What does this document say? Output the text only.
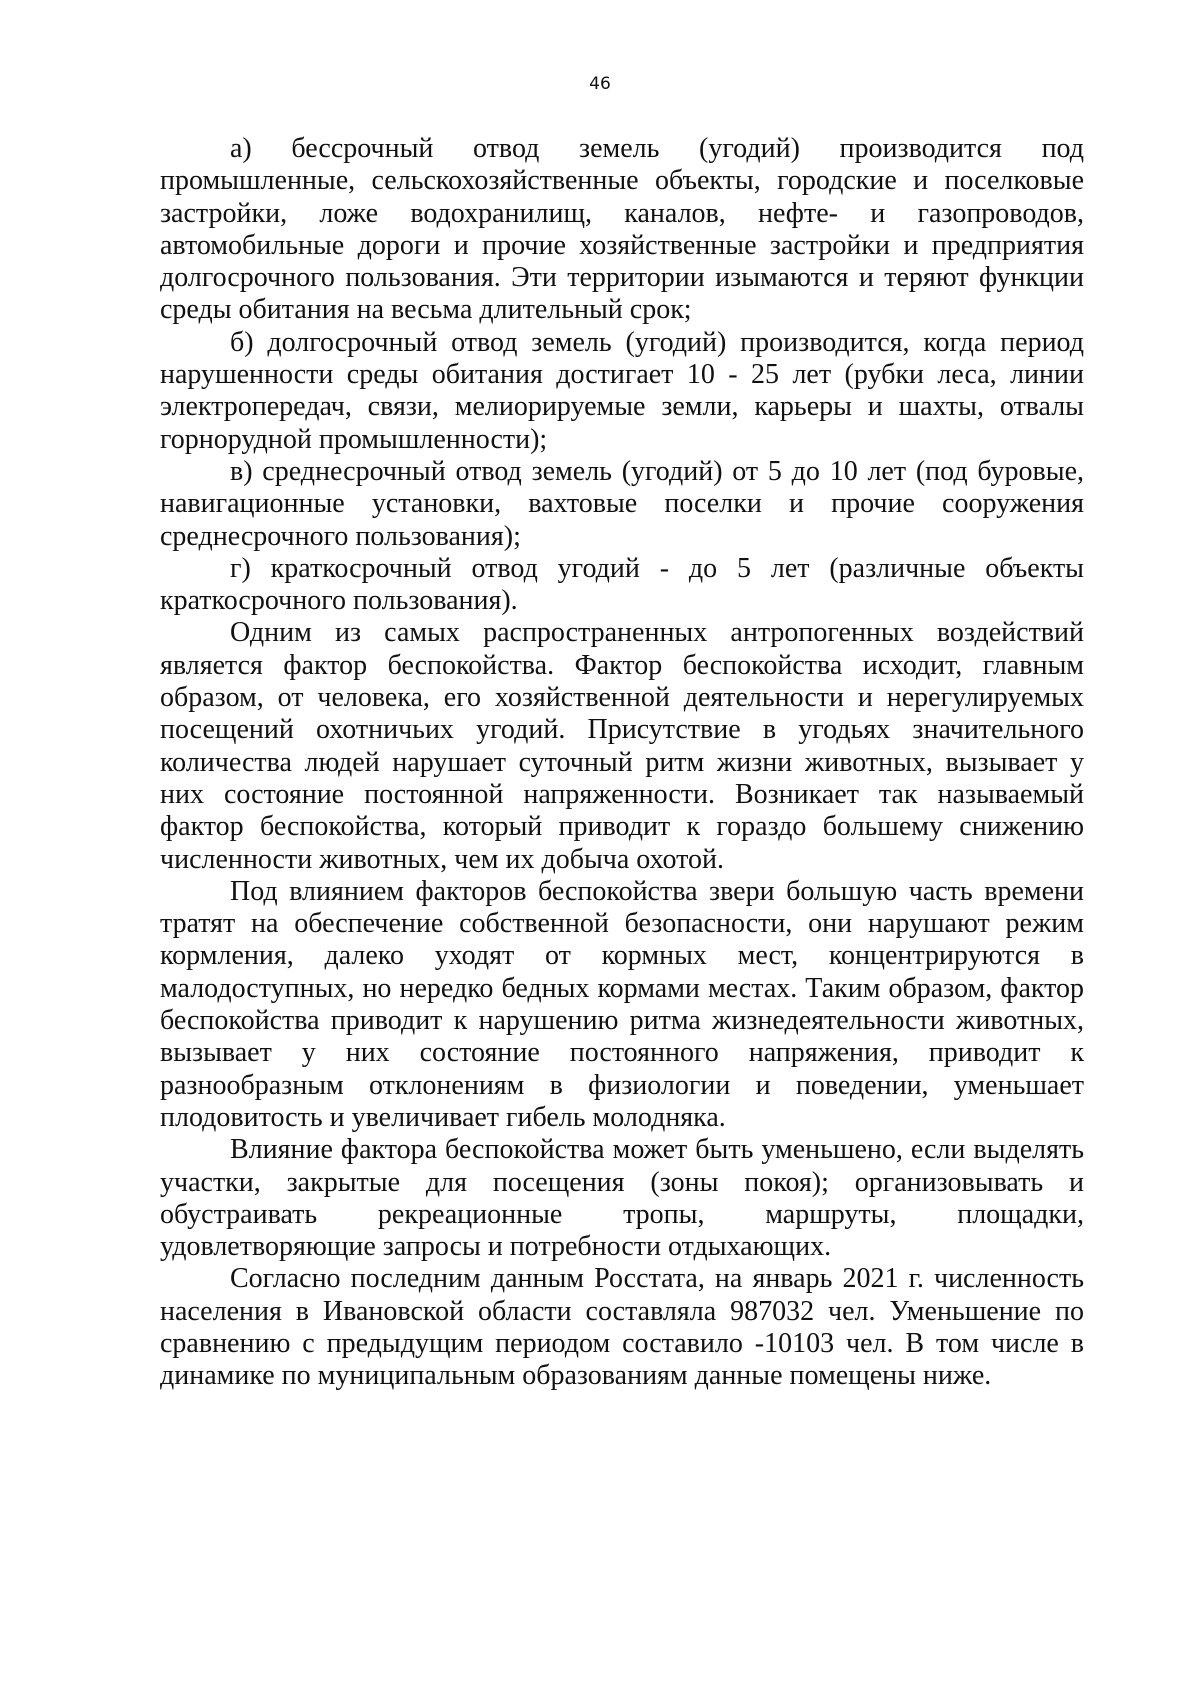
46

а) бессрочный отвод земель (угодий) производится под промышленные, сельскохозяйственные объекты, городские и поселковые застройки, ложе водохранилищ, каналов, нефте- и газопроводов, автомобильные дороги и прочие хозяйственные застройки и предприятия долгосрочного пользования. Эти территории изымаются и теряют функции среды обитания на весьма длительный срок;

б) долгосрочный отвод земель (угодий) производится, когда период нарушенности среды обитания достигает 10 - 25 лет (рубки леса, линии электропередач, связи, мелиорируемые земли, карьеры и шахты, отвалы горнорудной промышленности);

в) среднесрочный отвод земель (угодий) от 5 до 10 лет (под буровые, навигационные установки, вахтовые поселки и прочие сооружения среднесрочного пользования);

г) краткосрочный отвод угодий - до 5 лет (различные объекты краткосрочного пользования).

Одним из самых распространенных антропогенных воздействий является фактор беспокойства. Фактор беспокойства исходит, главным образом, от человека, его хозяйственной деятельности и нерегулируемых посещений охотничьих угодий. Присутствие в угодьях значительного количества людей нарушает суточный ритм жизни животных, вызывает у них состояние постоянной напряженности. Возникает так называемый фактор беспокойства, который приводит к гораздо большему снижению численности животных, чем их добыча охотой.

Под влиянием факторов беспокойства звери большую часть времени тратят на обеспечение собственной безопасности, они нарушают режим кормления, далеко уходят от кормных мест, концентрируются в малодоступных, но нередко бедных кормами местах. Таким образом, фактор беспокойства приводит к нарушению ритма жизнедеятельности животных, вызывает у них состояние постоянного напряжения, приводит к разнообразным отклонениям в физиологии и поведении, уменьшает плодовитость и увеличивает гибель молодняка.

Влияние фактора беспокойства может быть уменьшено, если выделять участки, закрытые для посещения (зоны покоя); организовывать и обустраивать рекреационные тропы, маршруты, площадки, удовлетворяющие запросы и потребности отдыхающих.

Согласно последним данным Росстата, на январь 2021 г. численность населения в Ивановской области составляла 987032 чел. Уменьшение по сравнению с предыдущим периодом составило -10103 чел. В том числе в динамике по муниципальным образованиям данные помещены ниже.
